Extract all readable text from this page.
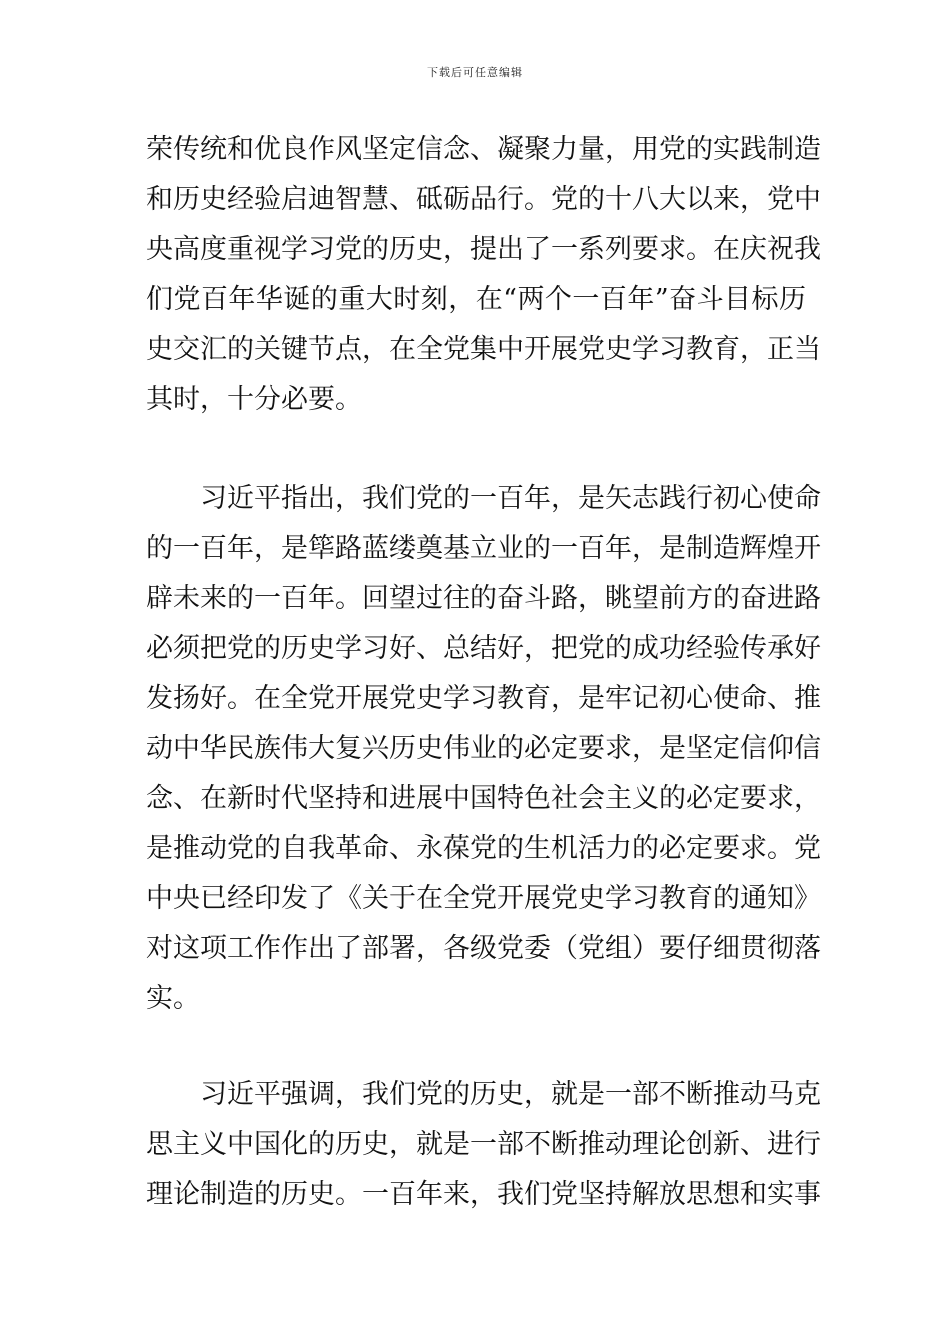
下载后可任意编辑
荣传统和优良作风坚定信念、凝聚力量，用党的实践制造
和历史经验启迪智慧、砥砺品行。党的十八大以来，党中
央高度重视学习党的历史，提出了一系列要求。在庆祝我
们党百年华诞的重大时刻，在“两个一百年”奋斗目标历
史交汇的关键节点，在全党集中开展党史学习教育，正当
其时，十分必要。
习近平指出，我们党的一百年，是矢志践行初心使命
的一百年，是筚路蓝缕奠基立业的一百年，是制造辉煌开
辟未来的一百年。回望过往的奋斗路，眺望前方的奋进路
必须把党的历史学习好、总结好，把党的成功经验传承好
发扬好。在全党开展党史学习教育，是牢记初心使命、推
动中华民族伟大复兴历史伟业的必定要求，是坚定信仰信
念、在新时代坚持和进展中国特色社会主义的必定要求，
是推动党的自我革命、永葆党的生机活力的必定要求。党
中央已经印发了《关于在全党开展党史学习教育的通知》
对这项工作作出了部署，各级党委（党组）要仔细贯彻落
实。
习近平强调，我们党的历史，就是一部不断推动马克
思主义中国化的历史，就是一部不断推动理论创新、进行
理论制造的历史。一百年来，我们党坚持解放思想和实事
